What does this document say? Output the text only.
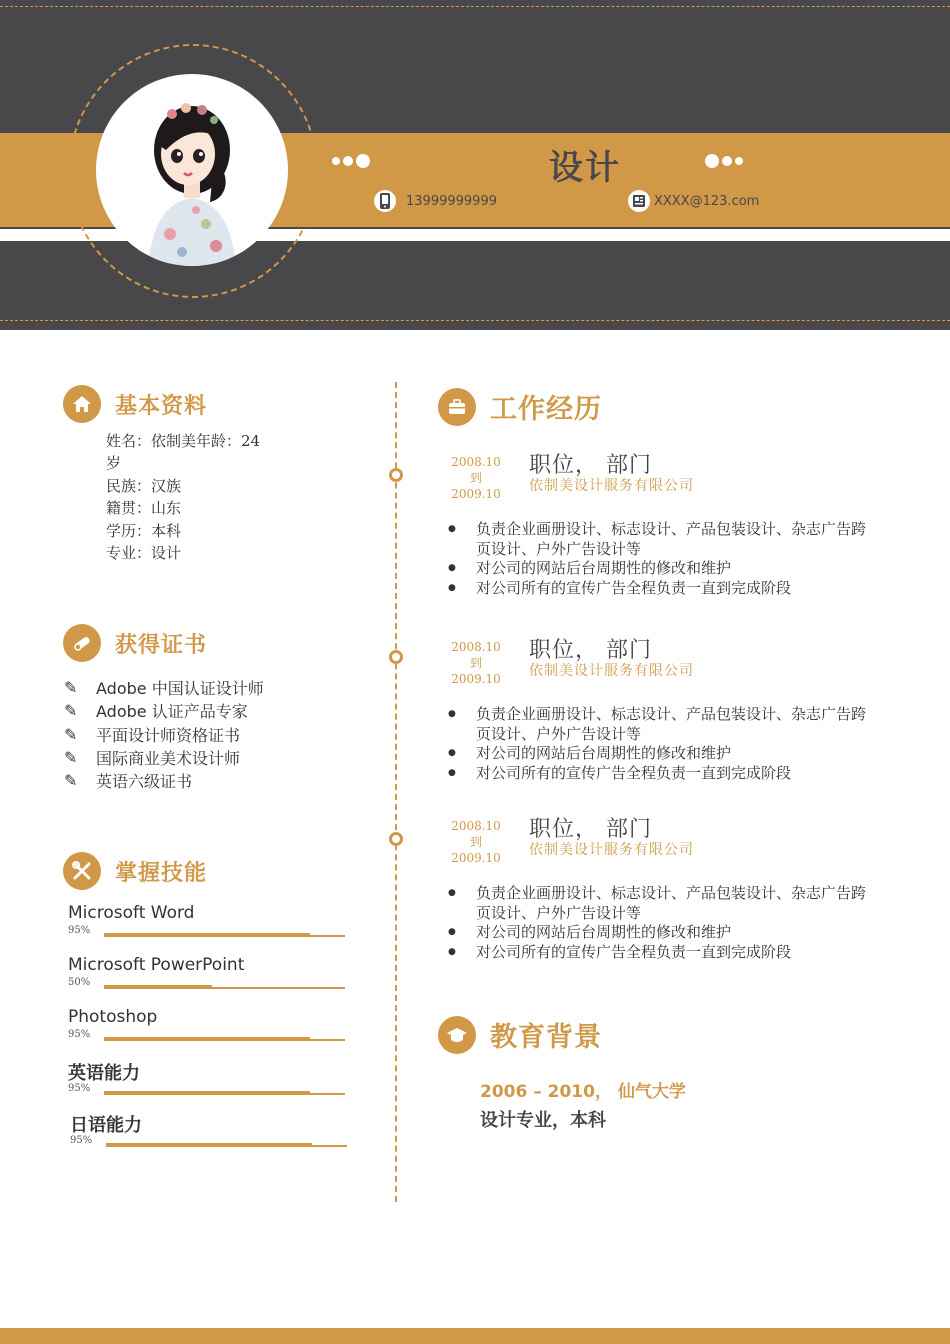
设计
13999999999	XXXX@123.com
基本资料
姓名：依制美年龄：24
岁
民族：汉族
籍贯：山东
学历：本科
专业：设计
获得证书
✎ Adobe 中国认证设计师
✎ Adobe 认证产品专家
✎ 平面设计师资格证书
✎ 国际商业美术设计师
✎ 英语六级证书
掌握技能
Microsoft Word
95%
Microsoft PowerPoint
50%
Photoshop
95%
英语能力
95%
日语能力
95%
工作经历
2008.10
到
2009.10
职位， 部门
依制美设计服务有限公司
● 负责企业画册设计、标志设计、产品包装设计、杂志广告跨页设计、户外广告设计等
● 对公司的网站后台周期性的修改和维护
● 对公司所有的宣传广告全程负责一直到完成阶段
2008.10
到
2009.10
职位， 部门
依制美设计服务有限公司
● 负责企业画册设计、标志设计、产品包装设计、杂志广告跨页设计、户外广告设计等
● 对公司的网站后台周期性的修改和维护
● 对公司所有的宣传广告全程负责一直到完成阶段
2008.10
到
2009.10
职位， 部门
依制美设计服务有限公司
● 负责企业画册设计、标志设计、产品包装设计、杂志广告跨页设计、户外广告设计等
● 对公司的网站后台周期性的修改和维护
● 对公司所有的宣传广告全程负责一直到完成阶段
教育背景
2006 – 2010， 仙气大学
设计专业，本科
